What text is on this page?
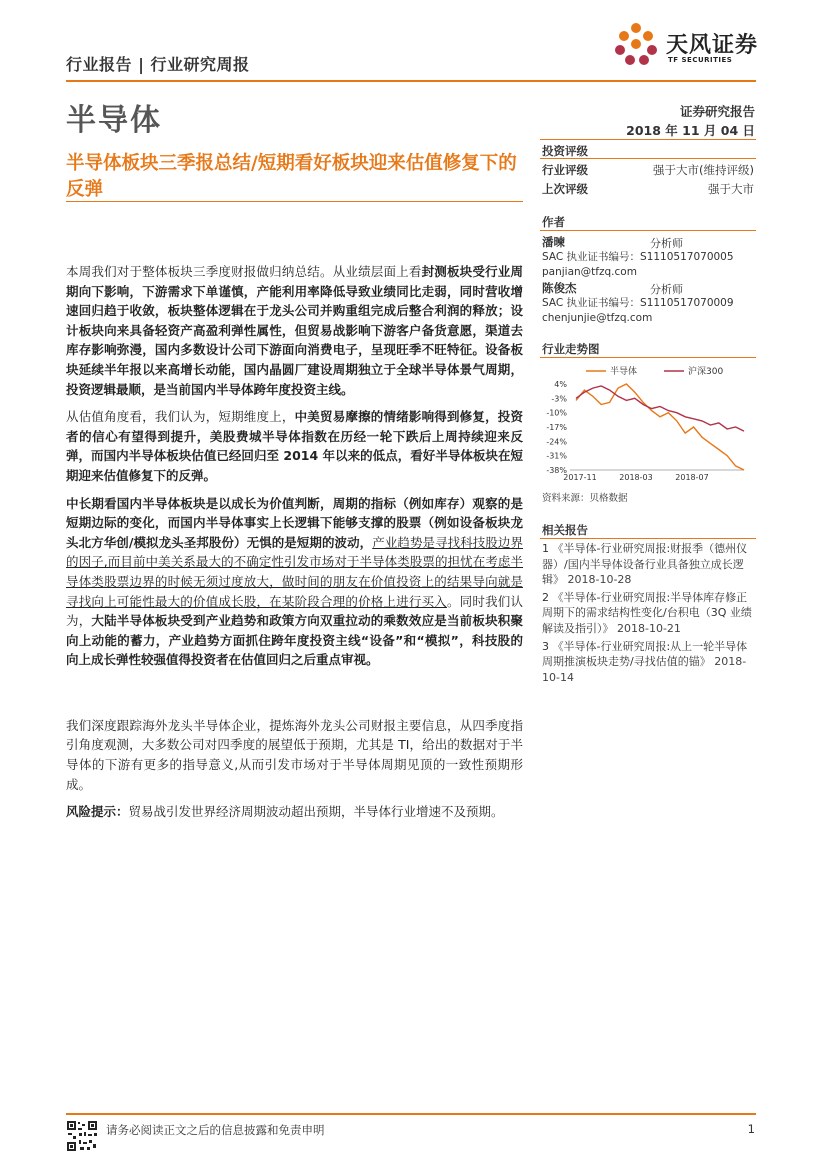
行业报告 | 行业研究周报
天风证券
TF SECURITIES
半导体	证券研究报告
2018 年 11 月 04 日
半导体板块三季报总结/短期看好板块迎来估值修复下的反弹
投资评级
行业评级	强于大市(维持评级)
上次评级	强于大市
作者
潘暕	分析师
SAC 执业证书编号：S1110517070005
panjian@tfzq.com
陈俊杰	分析师
SAC 执业证书编号：S1110517070009
chenjunjie@tfzq.com
行业走势图
4%
-3%
-10%
-17%
-24%
-31%
-38%
2017-11	2018-03	2018-07
半导体	沪深300
资料来源：贝格数据
相关报告
1 《半导体-行业研究周报:财报季（德州仪器）/国内半导体设备行业具备独立成长逻辑》 2018-10-28
2 《半导体-行业研究周报:半导体库存修正周期下的需求结构性变化/台积电（3Q 业绩解读及指引）》 2018-10-21
3 《半导体-行业研究周报:从上一轮半导体周期推演板块走势/寻找估值的锚》 2018-10-14

本周我们对于整体板块三季度财报做归纳总结。从业绩层面上看封测板块受行业周期向下影响，下游需求下单谨慎，产能利用率降低导致业绩同比走弱，同时营收增速回归趋于收敛，板块整体逻辑在于龙头公司并购重组完成后整合利润的释放；设计板块向来具备轻资产高盈利弹性属性，但贸易战影响下游客户备货意愿，渠道去库存影响弥漫，国内多数设计公司下游面向消费电子，呈现旺季不旺特征。设备板块延续半年报以来高增长动能，国内晶圆厂建设周期独立于全球半导体景气周期，投资逻辑最顺，是当前国内半导体跨年度投资主线。

从估值角度看，我们认为，短期维度上，中美贸易摩擦的情绪影响得到修复，投资者的信心有望得到提升，美股费城半导体指数在历经一轮下跌后上周持续迎来反弹，而国内半导体板块估值已经回归至 2014 年以来的低点，看好半导体板块在短期迎来估值修复下的反弹。

中长期看国内半导体板块是以成长为价值判断，周期的指标（例如库存）观察的是短期边际的变化，而国内半导体事实上长逻辑下能够支撑的股票（例如设备板块龙头北方华创/模拟龙头圣邦股份）无惧的是短期的波动，产业趋势是寻找科技股边界的因子,而目前中美关系最大的不确定性引发市场对于半导体类股票的担忧在考虑半导体类股票边界的时候无须过度放大，做时间的朋友在价值投资上的结果导向就是寻找向上可能性最大的价值成长股，在某阶段合理的价格上进行买入。同时我们认为，大陆半导体板块受到产业趋势和政策方向双重拉动的乘数效应是当前板块积聚向上动能的蓄力，产业趋势方面抓住跨年度投资主线“设备”和“模拟”，科技股的向上成长弹性较强值得投资者在估值回归之后重点审视。

我们深度跟踪海外龙头半导体企业，提炼海外龙头公司财报主要信息，从四季度指引角度观测，大多数公司对四季度的展望低于预期，尤其是 TI，给出的数据对于半导体的下游有更多的指导意义,从而引发市场对于半导体周期见顶的一致性预期形成。

风险提示：贸易战引发世界经济周期波动超出预期，半导体行业增速不及预期。

请务必阅读正文之后的信息披露和免责申明	1
